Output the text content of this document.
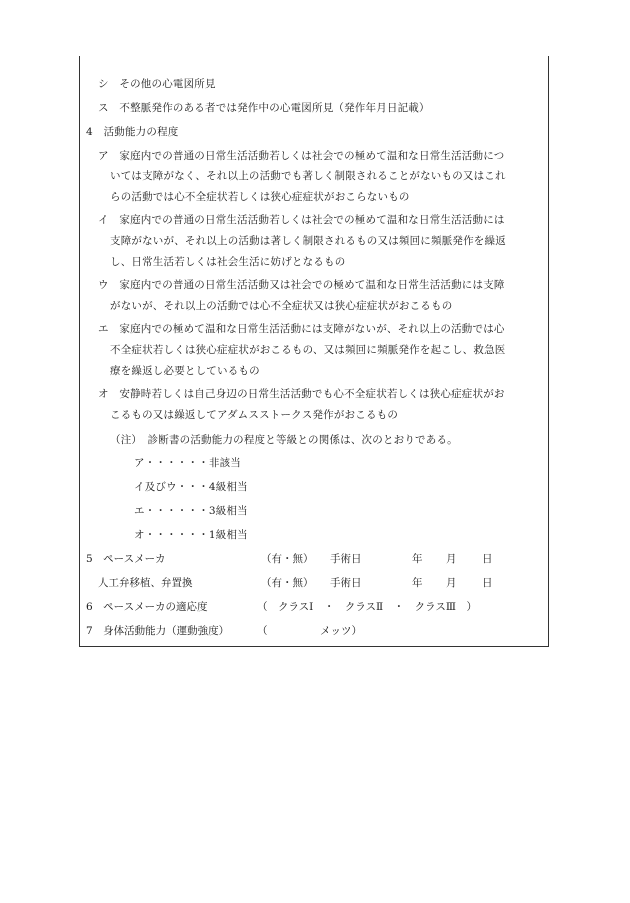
シ　その他の心電図所見
ス　不整脈発作のある者では発作中の心電図所見（発作年月日記載）
4　活動能力の程度
ア　家庭内での普通の日常生活活動若しくは社会での極めて温和な日常生活活動につ
いては支障がなく、それ以上の活動でも著しく制限されることがないもの又はこれ
らの活動では心不全症状若しくは狭心症症状がおこらないもの
イ　家庭内での普通の日常生活活動若しくは社会での極めて温和な日常生活活動には
支障がないが、それ以上の活動は著しく制限されるもの又は頻回に頻脈発作を繰返
し、日常生活若しくは社会生活に妨げとなるもの
ウ　家庭内での普通の日常生活活動又は社会での極めて温和な日常生活活動には支障
がないが、それ以上の活動では心不全症状又は狭心症症状がおこるもの
エ　家庭内での極めて温和な日常生活活動には支障がないが、それ以上の活動では心
不全症状若しくは狭心症症状がおこるもの、又は頻回に頻脈発作を起こし、救急医
療を繰返し必要としているもの
オ　安静時若しくは自己身辺の日常生活活動でも心不全症状若しくは狭心症症状がお
こるもの又は繰返してアダムスストークス発作がおこるもの
（注）　診断書の活動能力の程度と等級との関係は、次のとおりである。
ア・・・・・・非該当
イ及びウ・・・4級相当
エ・・・・・・3級相当
オ・・・・・・1級相当
5　ペースメーカ	（有・無） 手術日	年 月 日
人工弁移植、弁置換	（有・無） 手術日	年 月 日
6　ペースメーカの適応度	（　クラスⅠ　・　クラスⅡ　・　クラスⅢ　）
7　身体活動能力（運動強度）	（　　　　　メッツ）
